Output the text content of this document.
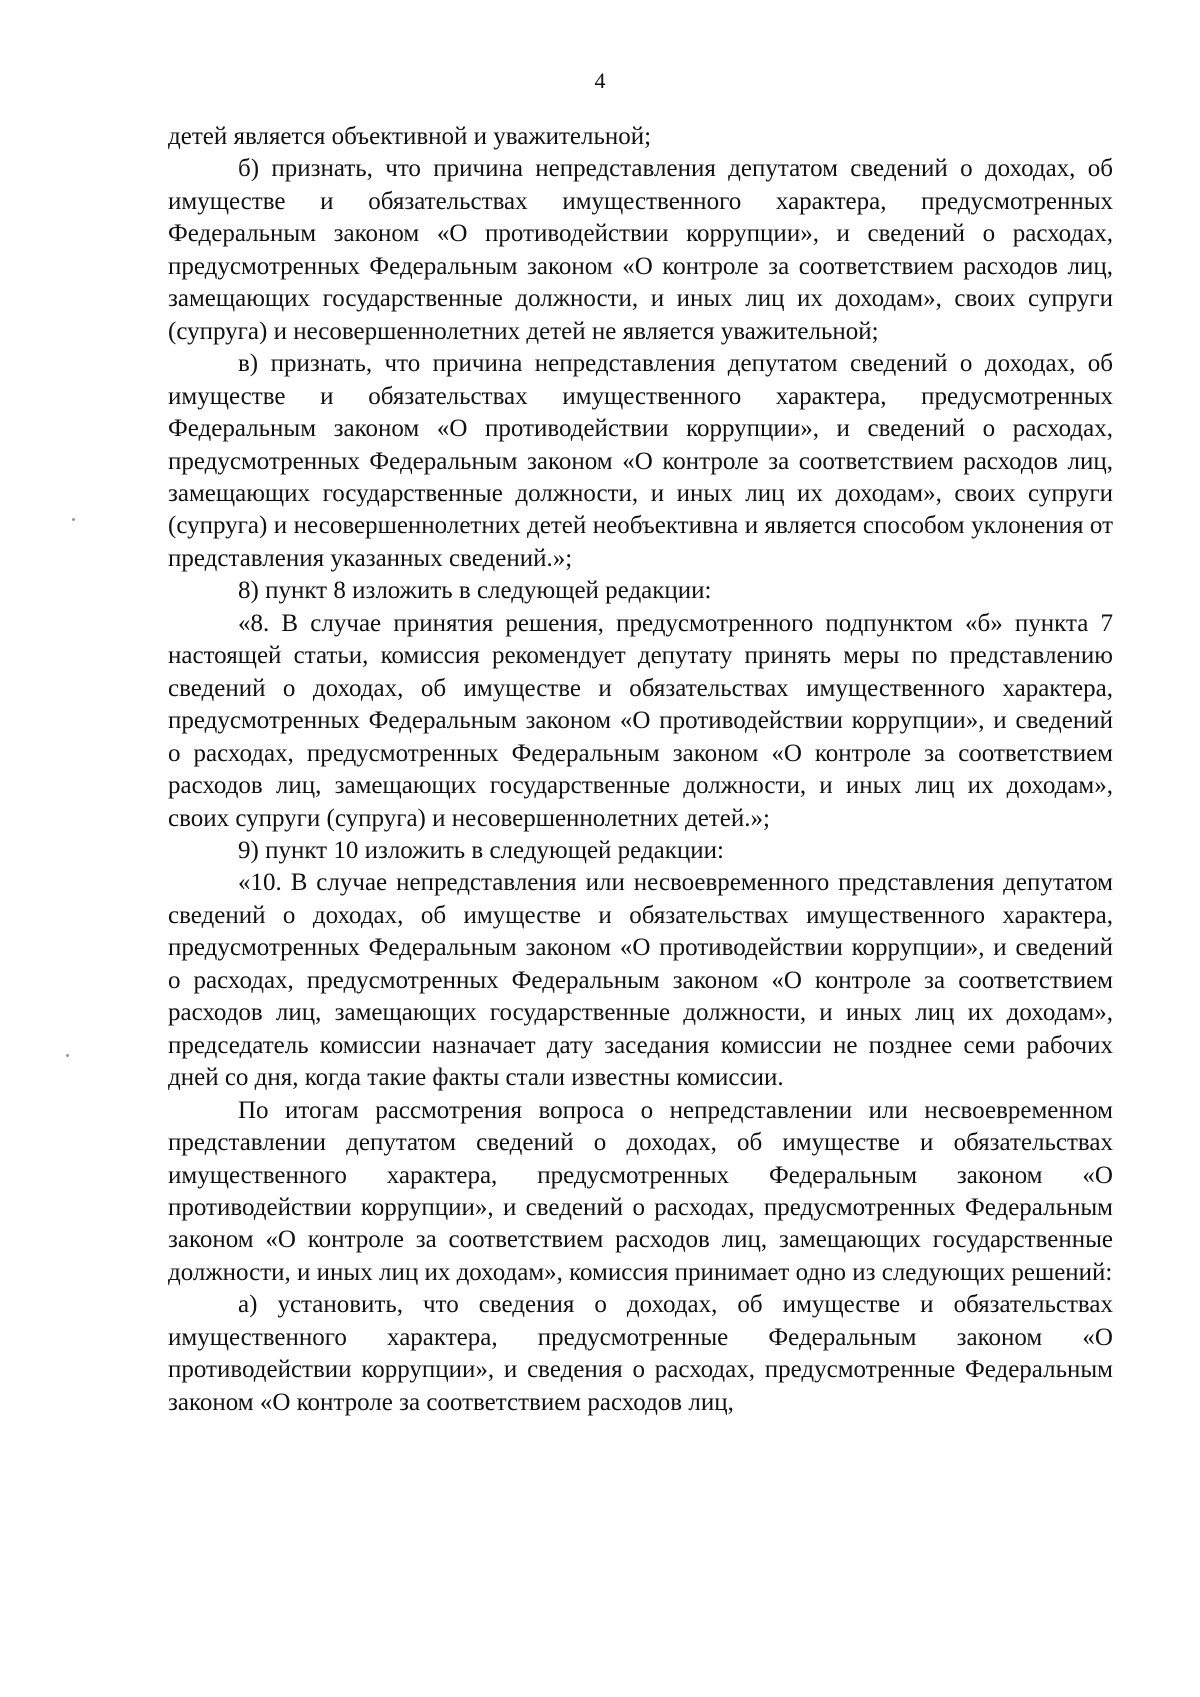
4

детей является объективной и уважительной;

б) признать, что причина непредставления депутатом сведений о доходах, об имуществе и обязательствах имущественного характера, предусмотренных Федеральным законом «О противодействии коррупции», и сведений о расходах, предусмотренных Федеральным законом «О контроле за соответствием расходов лиц, замещающих государственные должности, и иных лиц их доходам», своих супруги (супруга) и несовершеннолетних детей не является уважительной;

в) признать, что причина непредставления депутатом сведений о доходах, об имуществе и обязательствах имущественного характера, предусмотренных Федеральным законом «О противодействии коррупции», и сведений о расходах, предусмотренных Федеральным законом «О контроле за соответствием расходов лиц, замещающих государственные должности, и иных лиц их доходам», своих супруги (супруга) и несовершеннолетних детей необъективна и является способом уклонения от представления указанных сведений.»;

8) пункт 8 изложить в следующей редакции:

«8. В случае принятия решения, предусмотренного подпунктом «б» пункта 7 настоящей статьи, комиссия рекомендует депутату принять меры по представлению сведений о доходах, об имуществе и обязательствах имущественного характера, предусмотренных Федеральным законом «О противодействии коррупции», и сведений о расходах, предусмотренных Федеральным законом «О контроле за соответствием расходов лиц, замещающих государственные должности, и иных лиц их доходам», своих супруги (супруга) и несовершеннолетних детей.»;

9) пункт 10 изложить в следующей редакции:

«10. В случае непредставления или несвоевременного представления депутатом сведений о доходах, об имуществе и обязательствах имущественного характера, предусмотренных Федеральным законом «О противодействии коррупции», и сведений о расходах, предусмотренных Федеральным законом «О контроле за соответствием расходов лиц, замещающих государственные должности, и иных лиц их доходам», председатель комиссии назначает дату заседания комиссии не позднее семи рабочих дней со дня, когда такие факты стали известны комиссии.

По итогам рассмотрения вопроса о непредставлении или несвоевременном представлении депутатом сведений о доходах, об имуществе и обязательствах имущественного характера, предусмотренных Федеральным законом «О противодействии коррупции», и сведений о расходах, предусмотренных Федеральным законом «О контроле за соответствием расходов лиц, замещающих государственные должности, и иных лиц их доходам», комиссия принимает одно из следующих решений:

а) установить, что сведения о доходах, об имуществе и обязательствах имущественного характера, предусмотренные Федеральным законом «О противодействии коррупции», и сведения о расходах, предусмотренные Федеральным законом «О контроле за соответствием расходов лиц,
